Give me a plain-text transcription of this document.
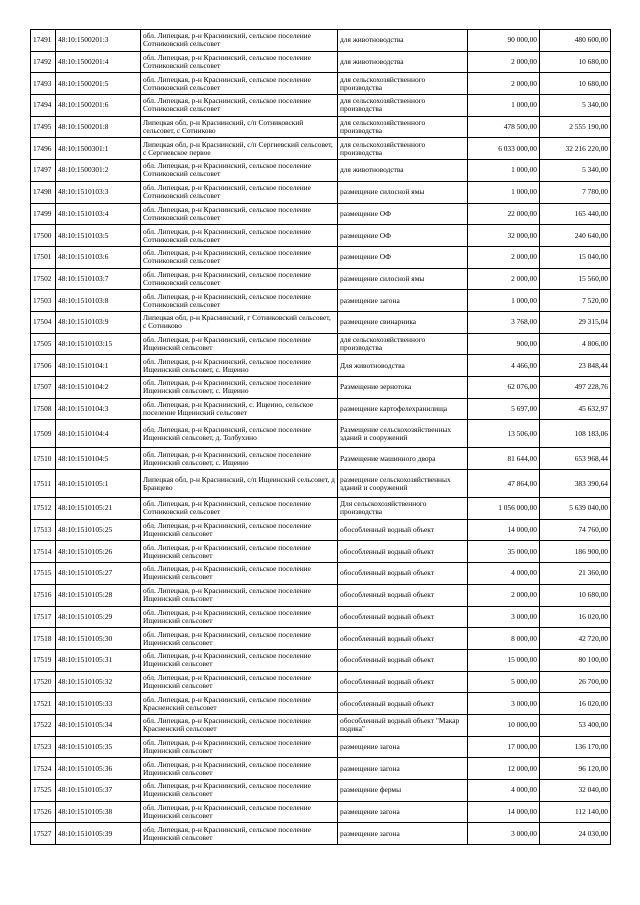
17491	48:10:1500201:3	обл. Липецкая, р-н Краснинский, сельское поселение Сотниковский сельсовет	для животноводства	90 000,00	480 600,00
17492	48:10:1500201:4	обл. Липецкая, р-н Краснинский, сельское поселение Сотниковский сельсовет	для животноводства	2 000,00	10 680,00
17493	48:10:1500201:5	обл. Липецкая, р-н Краснинский, сельское поселение Сотниковский сельсовет	для сельскохозяйственного производства	2 000,00	10 680,00
17494	48:10:1500201:6	обл. Липецкая, р-н Краснинский, сельское поселение Сотниковский сельсовет	для сельскохозяйственного производства	1 000,00	5 340,00
17495	48:10:1500201:8	Липецкая обл, р-н Краснинский, с/п Сотниковский сельсовет, с Сотниково	для сельскохозяйственного производства	478 500,00	2 555 190,00
17496	48:10:1500301:1	Липецкая обл, р-н Краснинский, с/п Сергиевский сельсовет, с Сергиевское первое	для сельскохозяйственного производства	6 033 000,00	32 216 220,00
17497	48:10:1500301:2	обл. Липецкая, р-н Краснинский, сельское поселение Сотниковский сельсовет	для животноводства	1 000,00	5 340,00
17498	48:10:1510103:3	обл. Липецкая, р-н Краснинский, сельское поселение Сотниковский сельсовет	размещение силосной ямы	1 000,00	7 780,00
17499	48:10:1510103:4	обл. Липецкая, р-н Краснинский, сельское поселение Сотниковский сельсовет	размещение ОФ	22 000,00	165 440,00
17500	48:10:1510103:5	обл. Липецкая, р-н Краснинский, сельское поселение Сотниковский сельсовет	размещение ОФ	32 000,00	240 640,00
17501	48:10:1510103:6	обл. Липецкая, р-н Краснинский, сельское поселение Сотниковский сельсовет	размещение ОФ	2 000,00	15 040,00
17502	48:10:1510103:7	обл. Липецкая, р-н Краснинский, сельское поселение Сотниковский сельсовет	размещение силосной ямы	2 000,00	15 560,00
17503	48:10:1510103:8	обл. Липецкая, р-н Краснинский, сельское поселение Сотниковский сельсовет	размещение загона	1 000,00	7 520,00
17504	48:10:1510103:9	Липецкая обл, р-н Краснинский, г Сотниковский сельсовет, с Сотниково	размещение свинарника	3 768,00	29 315,04
17505	48:10:1510103:15	обл. Липецкая, р-н Краснинский, сельское поселение Ищеинский сельсовет	для сельскохозяйственного производства	900,00	4 806,00
17506	48:10:1510104:1	обл. Липецкая, р-н Краснинский, сельское поселение Ищеинский сельсовет, с. Ищеино	Для животноводства	4 466,00	23 848,44
17507	48:10:1510104:2	обл. Липецкая, р-н Краснинский, сельское поселение Ищеинский сельсовет, с. Ищеино	Размещение зернотока	62 076,00	497 228,76
17508	48:10:1510104:3	обл. Липецкая, р-н Краснинский, с. Ищеино, сельское поселение Ищеинский сельсовет	размещение картофелехранилища	5 697,00	45 632,97
17509	48:10:1510104:4	обл. Липецкая, р-н Краснинский, сельское поселение Ищеинский сельсовет, д. Толбухино	Размещение сельскохозяйственных зданий и сооружений	13 506,00	108 183,06
17510	48:10:1510104:5	обл. Липецкая, р-н Краснинский, сельское поселение Ищеинский сельсовет, с. Ищеино	Размещение машинного двора	81 644,00	653 968,44
17511	48:10:1510105:1	Липецкая обл, р-н Краснинский, с/п Ищеинский сельсовет, д Бранцево	размещение сельскохозяйственных зданий и сооружений	47 864,00	383 390,64
17512	48:10:1510105:21	обл. Липецкая, р-н Краснинский, сельское поселение Сотниковский сельсовет	Для сельскохозяйственного производства	1 056 000,00	5 639 040,00
17513	48:10:1510105:25	обл. Липецкая, р-н Краснинский, сельское поселение Ищеинский сельсовет	обособленный водный объект	14 000,00	74 760,00
17514	48:10:1510105:26	обл. Липецкая, р-н Краснинский, сельское поселение Ищеинский сельсовет	обособленный водный объект	35 000,00	186 900,00
17515	48:10:1510105:27	обл. Липецкая, р-н Краснинский, сельское поселение Ищеинский сельсовет	обособленный водный объект	4 000,00	21 360,00
17516	48:10:1510105:28	обл. Липецкая, р-н Краснинский, сельское поселение Ищеинский сельсовет	обособленный водный объект	2 000,00	10 680,00
17517	48:10:1510105:29	обл. Липецкая, р-н Краснинский, сельское поселение Ищеинский сельсовет	обособленный водный объект	3 000,00	16 020,00
17518	48:10:1510105:30	обл. Липецкая, р-н Краснинский, сельское поселение Ищеинский сельсовет	обособленный водный объект	8 000,00	42 720,00
17519	48:10:1510105:31	обл. Липецкая, р-н Краснинский, сельское поселение Ищеинский сельсовет	обособленный водный объект	15 000,00	80 100,00
17520	48:10:1510105:32	обл. Липецкая, р-н Краснинский, сельское поселение Ищеинский сельсовет	обособленный водный объект	5 000,00	26 700,00
17521	48:10:1510105:33	обл. Липецкая, р-н Краснинский, сельское поселение Красненский сельсовет	обособленный водный объект	3 000,00	16 020,00
17522	48:10:1510105:34	обл. Липецкая, р-н Краснинский, сельское поселение Красненский сельсовет	обособленный водный объект "Макар подика"	10 000,00	53 400,00
17523	48:10:1510105:35	обл. Липецкая, р-н Краснинский, сельское поселение Ищеинский сельсовет	размещение загона	17 000,00	136 170,00
17524	48:10:1510105:36	обл. Липецкая, р-н Краснинский, сельское поселение Ищеинский сельсовет	размещение загона	12 000,00	96 120,00
17525	48:10:1510105:37	обл. Липецкая, р-н Краснинский, сельское поселение Ищеинский сельсовет	размещение фермы	4 000,00	32 040,00
17526	48:10:1510105:38	обл. Липецкая, р-н Краснинский, сельское поселение Ищеинский сельсовет	размещение загона	14 000,00	112 140,00
17527	48:10:1510105:39	обл. Липецкая, р-н Краснинский, сельское поселение Ищеинский сельсовет	размещение загона	3 000,00	24 030,00
